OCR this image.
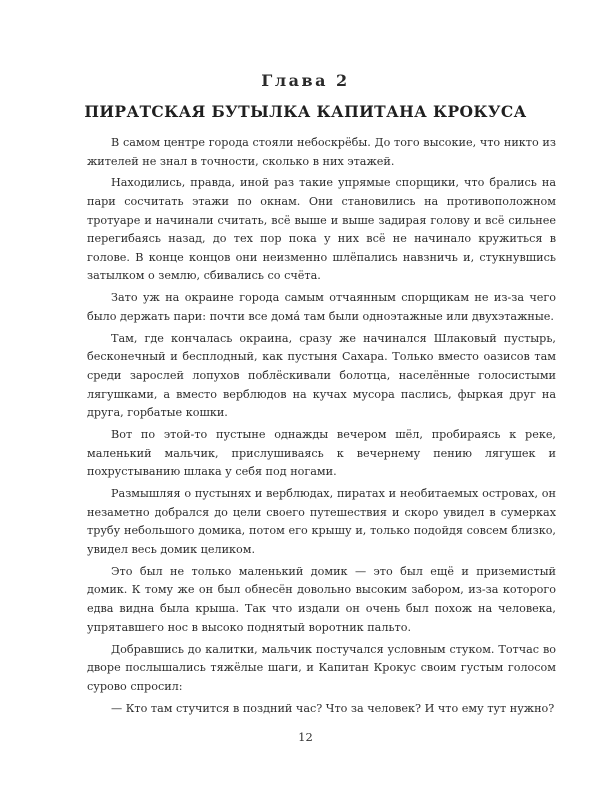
Глава 2
ПИРАТСКАЯ БУТЫЛКА КАПИТАНА КРОКУСА

В самом центре города стояли небоскрёбы. До того высокие, что никто из жителей не знал в точности, сколько в них этажей.

Находились, правда, иной раз такие упрямые спорщики, что брались на пари сосчитать этажи по окнам. Они становились на противоположном тротуаре и начинали считать, всё выше и выше задирая голову и всё сильнее перегибаясь назад, до тех пор пока у них всё не начинало кружиться в голове. В конце концов они неизменно шлёпались навзничь и, стукнувшись затылком о землю, сбивались со счёта.

Зато уж на окраине города самым отчаянным спорщикам не из-за чего было держать пари: почти все домá там были одноэтажные или двухэтажные.

Там, где кончалась окраина, сразу же начинался Шлаковый пустырь, бесконечный и бесплодный, как пустыня Сахара. Только вместо оазисов там среди зарослей лопухов поблёскивали болотца, населённые голосистыми лягушками, а вместо верблюдов на кучах мусора паслись, фыркая друг на друга, горбатые кошки.

Вот по этой-то пустыне однажды вечером шёл, пробираясь к реке, маленький мальчик, прислушиваясь к вечернему пению лягушек и похрустыванию шлака у себя под ногами.

Размышляя о пустынях и верблюдах, пиратах и необитаемых островах, он незаметно добрался до цели своего путешествия и скоро увидел в сумерках трубу небольшого домика, потом его крышу и, только подойдя совсем близко, увидел весь домик целиком.

Это был не только маленький домик — это был ещё и приземистый домик. К тому же он был обнесён довольно высоким забором, из-за которого едва видна была крыша. Так что издали он очень был похож на человека, упрятавшего нос в высоко поднятый воротник пальто.

Добравшись до калитки, мальчик постучался условным стуком. Тотчас во дворе послышались тяжёлые шаги, и Капитан Крокус своим густым голосом сурово спросил:

— Кто там стучится в поздний час? Что за человек? И что ему тут нужно?

12
